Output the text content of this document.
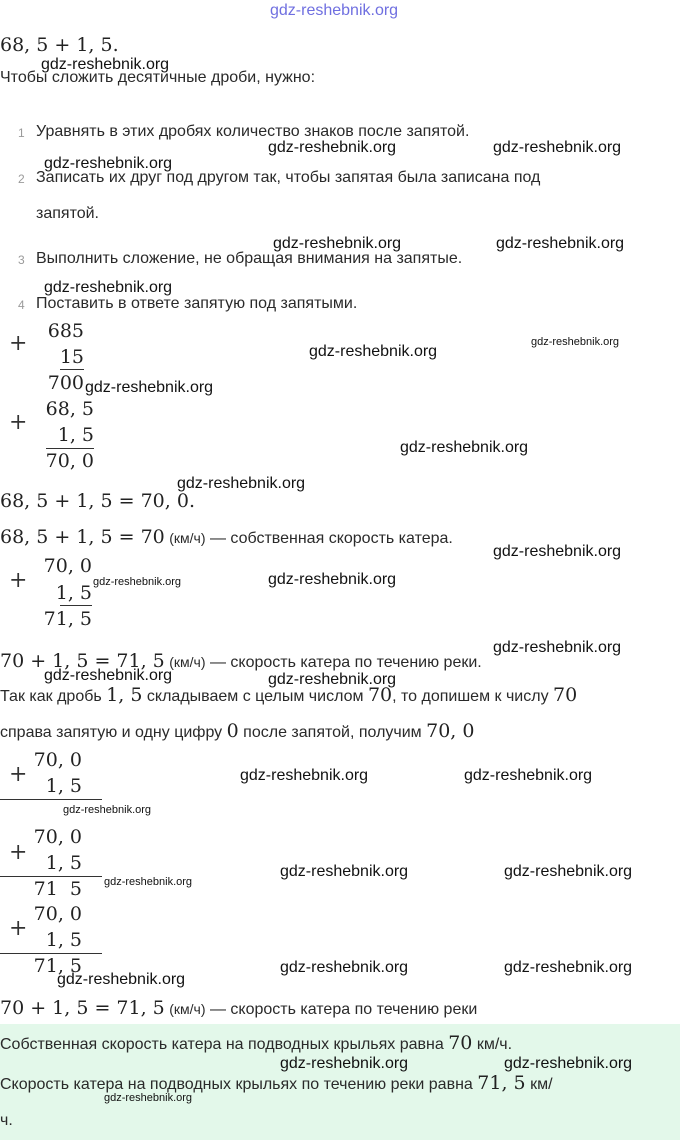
gdz-reshebnik.org
68, 5 + 1, 5.
Чтобы сложить десятичные дроби, нужно:
1 Уравнять в этих дробях количество знаков после запятой.
2 Записать их друг под другом так, чтобы запятая была записана под
запятой.
3 Выполнить сложение, не обращая внимания на запятые.
4 Поставить в ответе запятую под запятыми.
+ 685
15
700
+
68, 5
1, 5
70, 0
68, 5 + 1, 5 = 70, 0.
68, 5 + 1, 5 = 70 (км/ч) — собственная скорость катера.
+
70, 0
1, 5
71, 5
70 + 1, 5 = 71, 5 (км/ч) — скорость катера по течению реки.
Так как дробь 1, 5 складываем с целым числом 70, то допишем к числу 70
справа запятую и одну цифру 0 после запятой, получим 70, 0
+
70, 0
1, 5
+
70, 0
1, 5
71  5
+
70, 0
1, 5
71, 5
70 + 1, 5 = 71, 5 (км/ч) — скорость катера по течению реки
Собственная скорость катера на подводных крыльях равна 70 км/ч.
Скорость катера на подводных крыльях по течению реки равна 71, 5 км/
ч.
gdz-reshebnik.org
gdz-reshebnik.org
gdz-reshebnik.org	gdz-reshebnik.org
gdz-reshebnik.org	gdz-reshebnik.org
gdz-reshebnik.org
gdz-reshebnik.org
gdz-reshebnik.org
gdz-reshebnik.org
gdz-reshebnik.org
gdz-reshebnik.org
gdz-reshebnik.org
gdz-reshebnik.org	gdz-reshebnik.org
gdz-reshebnik.org
gdz-reshebnik.org
gdz-reshebnik.org
gdz-reshebnik.org	gdz-reshebnik.org
gdz-reshebnik.org
gdz-reshebnik.org	gdz-reshebnik.org
gdz-reshebnik.org
gdz-reshebnik.org	gdz-reshebnik.org
gdz-reshebnik.org
gdz-reshebnik.org	gdz-reshebnik.org
gdz-reshebnik.org
